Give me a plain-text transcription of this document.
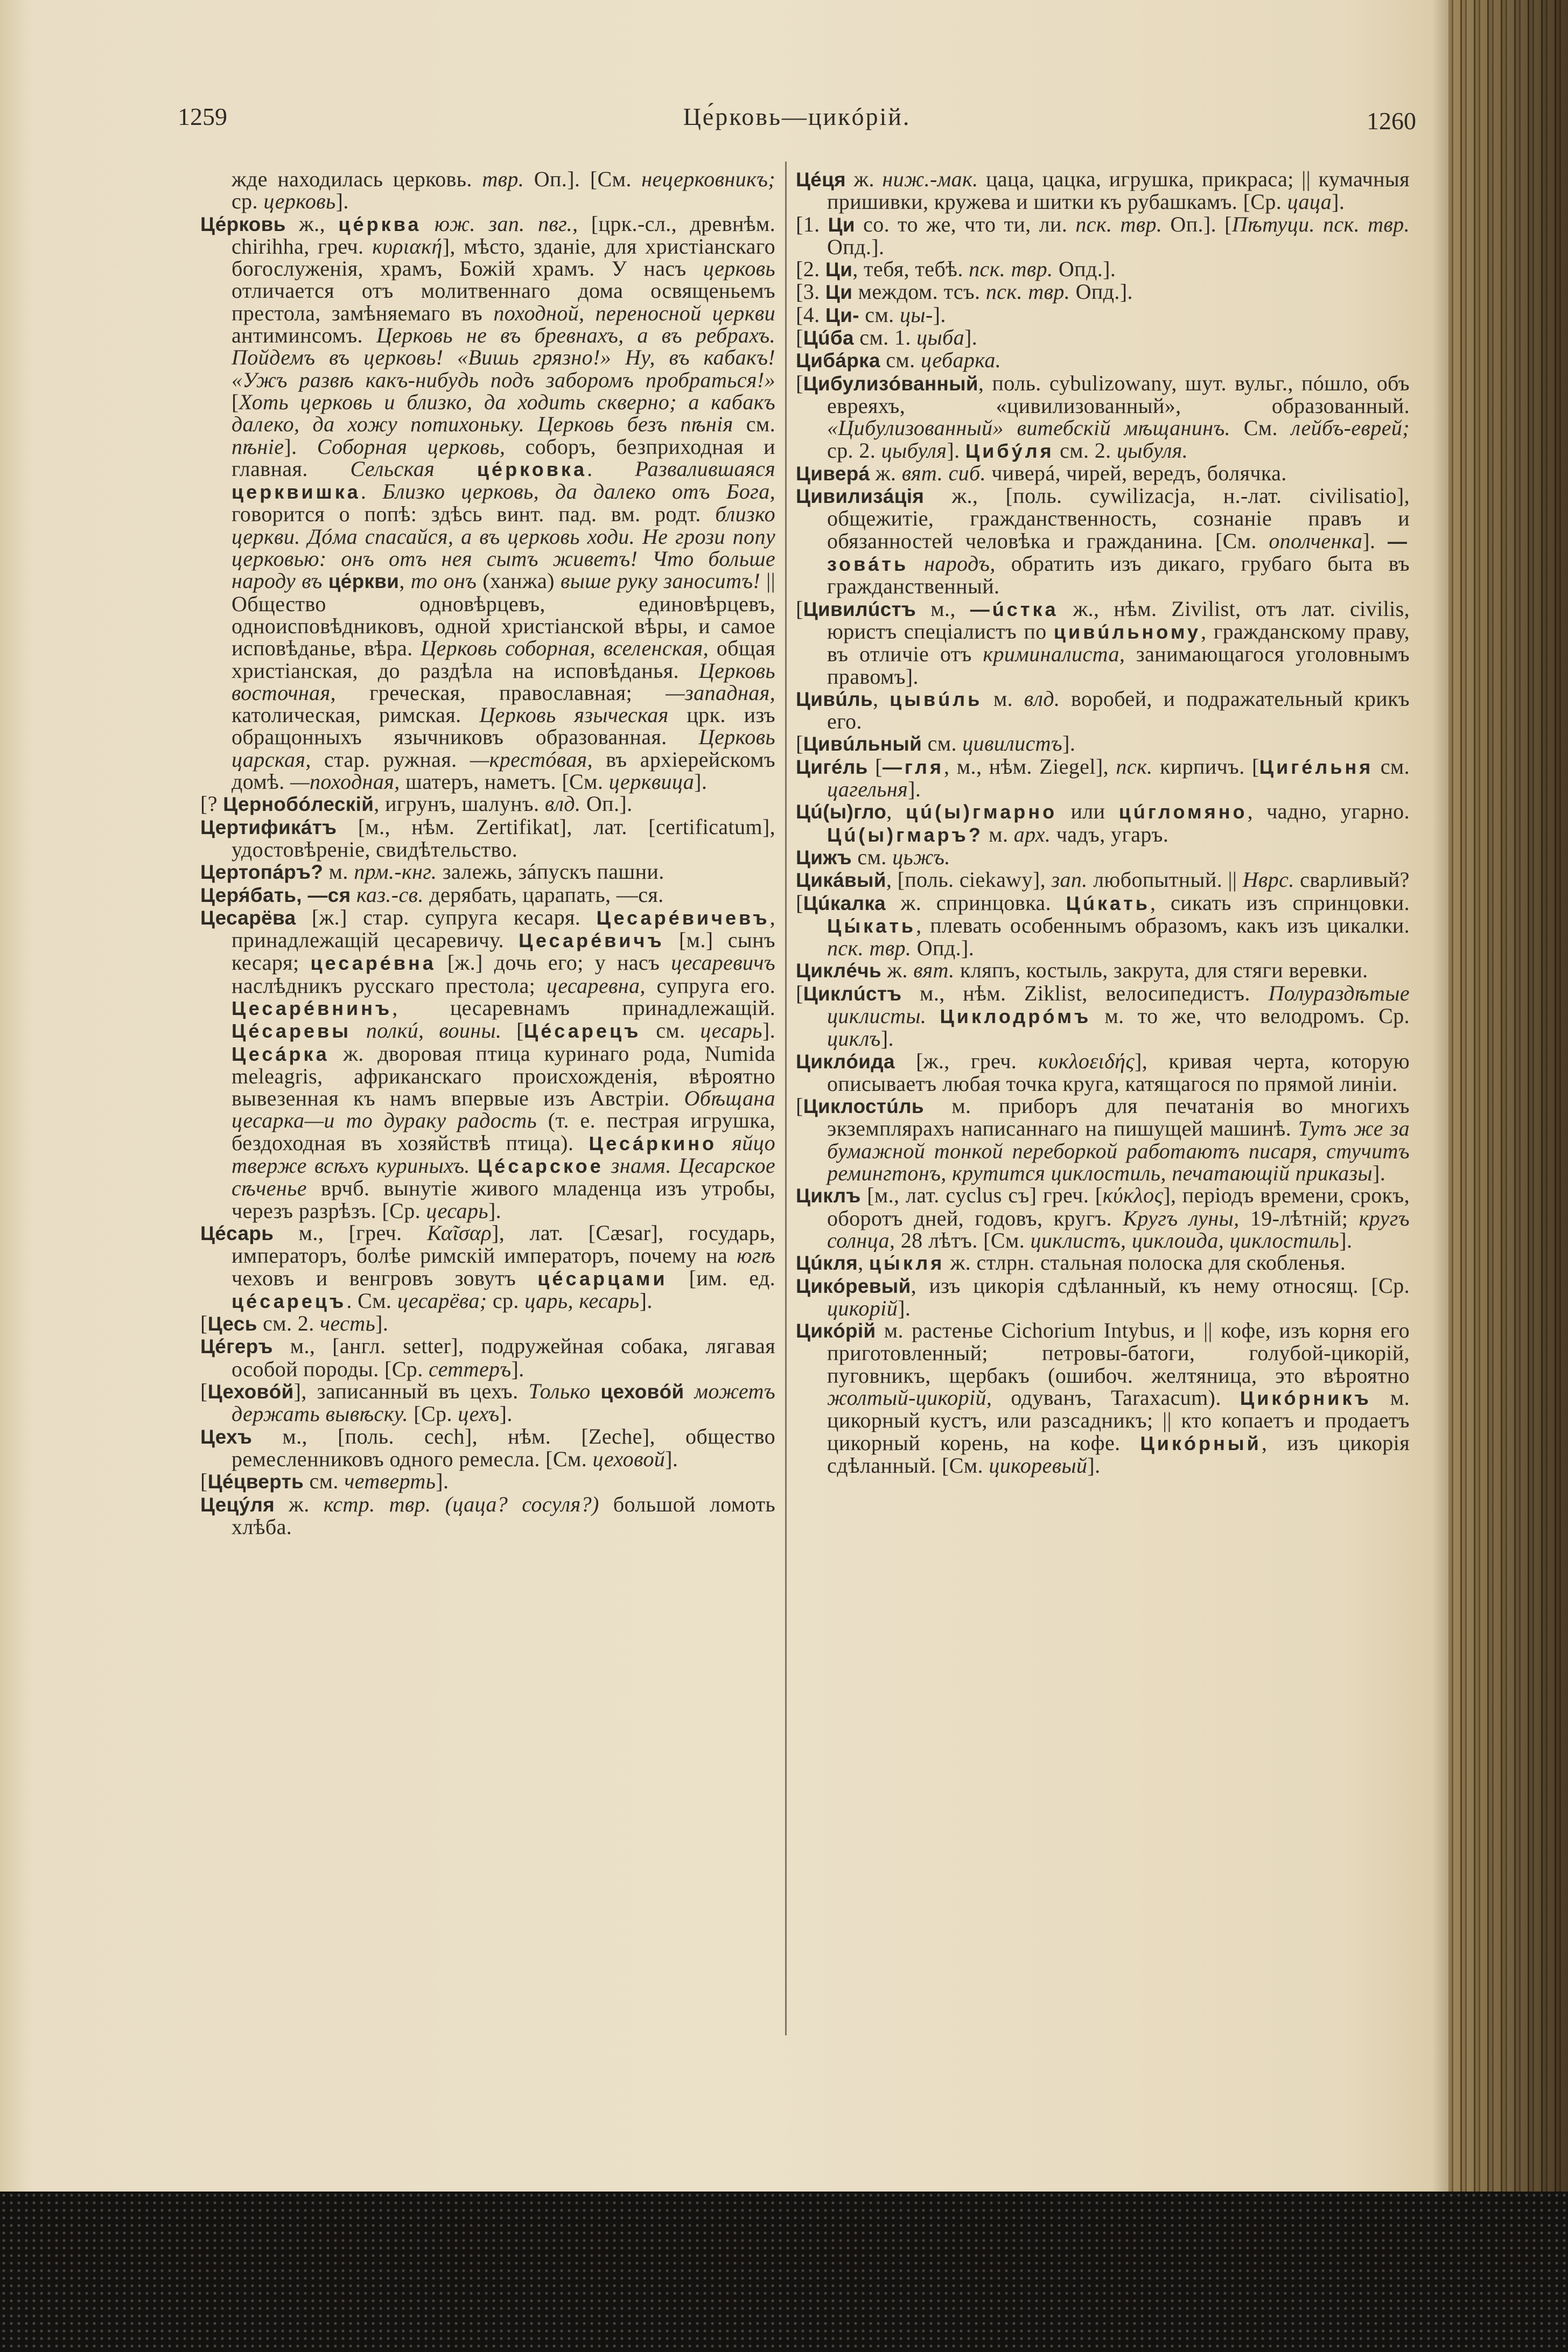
1259	Це́рковь—цикóрій.	1260

жде находилась церковь. твр. Оп.]. [См. нецерковникъ; ср. церковь].

Це́рковь ж., це́рква юж. зап. пвг., [црк.-сл., древнѣм. chirihha, греч. κυριακή], мѣсто, зданіе, для христіанскаго богослуженія, храмъ, Божій храмъ. У насъ церковь отличается отъ молитвеннаго дома освященьемъ престола, замѣняемаго въ походной, переносной церкви антиминсомъ. Церковь не въ бревнахъ, а въ ребрахъ. Пойдемъ въ церковь! «Вишь грязно!» Ну, въ кабакъ! «Ужъ развѣ какъ-нибудь подъ заборомъ пробраться!» [Хоть церковь и близко, да ходить скверно; а кабакъ далеко, да хожу потихоньку. Церковь безъ пѣнія см. пѣніе]. Соборная церковь, соборъ, безприходная и главная. Сельская це́рковка. Развалившаяся церквишка. Близко церковь, да далеко отъ Бога, говорится о попѣ: здѣсь винт. пад. вм. родт. близко церкви. Дóма спасайся, а въ церковь ходи. Не грози попу церковью: онъ отъ нея сытъ живетъ! Что больше народу въ це́ркви, то онъ (ханжа) выше руку заноситъ! || Общество одновѣрцевъ, единовѣрцевъ, одноисповѣдниковъ, одной христіанской вѣры, и самое исповѣданье, вѣра. Церковь соборная, вселенская, общая христіанская, до раздѣла на исповѣданья. Церковь восточная, греческая, православная; —западная, католическая, римская. Церковь языческая црк. изъ обращонныхъ язычниковъ образованная. Церковь царская, стар. ружная. —крестóвая, въ архіерейскомъ домѣ. —походная, шатеръ, наметъ. [См. церквица].

[? Цернобóлескій, игрунъ, шалунъ. влд. Оп.].

Цертификáтъ [м., нѣм. Zertifikat], лат. [certificatum], удостовѣреніе, свидѣтельство.

Цертопáръ? м. прм.-кнг. залежь, зáпускъ пашни.

Церя́бать, —ся каз.-св. дерябать, царапать, —ся.

Цесарёва [ж.] стар. супруга кесаря. Цесарéвичевъ, принадлежащій цесаревичу. Цесарéвичъ [м.] сынъ кесаря; цесарéвна [ж.] дочь его; у насъ цесаревичъ наслѣдникъ русскаго престола; цесаревна, супруга его. Цесарéвнинъ, цесаревнамъ принадлежащій. Цéсаревы полкú, воины. [Цéсарецъ см. цесарь]. Цесáрка ж. дворовая птица куринаго рода, Numida meleagris, африканскаго происхожденія, вѣроятно вывезенная къ намъ впервые изъ Австріи. Обѣщана цесарка—и то дураку радость (т. е. пестрая игрушка, бездоходная въ хозяйствѣ птица). Цесáркино яйцо тверже всѣхъ куриныхъ. Цéсарское знамя. Цесарское сѣченье врчб. вынутіе живого младенца изъ утробы, черезъ разрѣзъ. [Ср. цесарь].

Цéсарь м., [греч. Καῖσαρ], лат. [Cæsar], государь, императоръ, болѣе римскій императоръ, почему на югѣ чеховъ и венгровъ зовутъ цéсарцами [им. ед. цéсарецъ. См. цесарёва; ср. царь, кесарь].

[Цесь см. 2. честь].

Цéгеръ м., [англ. setter], подружейная собака, лягавая особой породы. [Ср. сеттеръ].

[Цеховóй], записанный въ цехъ. Только цеховóй можетъ держать вывѣску. [Ср. цехъ].

Цехъ м., [поль. cech], нѣм. [Zeche], общество ремесленниковъ одного ремесла. [См. цеховой].

[Цéцверть см. четверть].

Цецýля ж. кстр. твр. (цаца? сосуля?) большой ломоть хлѣба.

Цéця ж. ниж.-мак. цаца, цацка, игрушка, прикраса; || кумачныя пришивки, кружева и шитки къ рубашкамъ. [Ср. цаца].

[1. Ци со. то же, что ти, ли. пск. твр. Оп.]. [Пѣтуци. пск. твр. Опд.].

[2. Ци, тебя, тебѣ. пск. твр. Опд.].

[3. Ци междом. тсъ. пск. твр. Опд.].

[4. Ци- см. цы-].

[Цúба см. 1. цыба].

Цибáрка см. цебарка.

[Цибулизóванный, поль. cybulizowany, шут. вульг., пóшло, объ евреяхъ, «цивилизованный», образованный. «Цибулизованный» витебскій мѣщанинъ. См. лейбъ-еврей; ср. 2. цыбуля]. Цибýля см. 2. цыбуля.

Циверá ж. вят. сиб. чиверá, чирей, вередъ, болячка.

Цивилизáція ж., [поль. cywilizacja, н.-лат. civilisatio], общежитіе, гражданственность, сознаніе правъ и обязанностей человѣка и гражданина. [См. ополченка]. —зовáть народъ, обратить изъ дикаго, грубаго быта въ гражданственный.

[Цивилúстъ м., —úстка ж., нѣм. Zivilist, отъ лат. civilis, юристъ спеціалистъ по цивúльному, гражданскому праву, въ отличіе отъ криминалиста, занимающагося уголовнымъ правомъ].

Цивúль, цывúль м. влд. воробей, и подражательный крикъ его.

[Цивúльный см. цивилистъ].

Цигéль [—гля, м., нѣм. Ziegel], пск. кирпичъ. [Цигéльня см. цагельня].

Цú(ы)гло, цú(ы)гмарно или цúгломяно, чадно, угарно. Цú(ы)гмаръ? м. арх. чадъ, угаръ.

Цижъ см. цьжъ.

Цикáвый, [поль. ciekawy], зап. любопытный. || Нврс. сварливый?

[Цúкалка ж. спринцовка. Цúкать, сикать изъ спринцовки. Цы́кать, плевать особеннымъ образомъ, какъ изъ цикалки. пск. твр. Опд.].

Циклéчь ж. вят. кляпъ, костыль, закрута, для стяги веревки.

[Циклúстъ м., нѣм. Ziklist, велосипедистъ. Полураздѣтые циклисты. Циклодрóмъ м. то же, что велодромъ. Ср. циклъ].

Циклóида [ж., греч. κυκλοειδής], кривая черта, которую описываетъ любая точка круга, катящагося по прямой линіи.

[Циклостúль м. приборъ для печатанія во многихъ экземплярахъ написаннаго на пишущей машинѣ. Тутъ же за бумажной тонкой переборкой работаютъ писаря, стучитъ ремингтонъ, крутится циклостиль, печатающій приказы].

Циклъ [м., лат. cyclus съ] греч. [κύκλος], періодъ времени, срокъ, оборотъ дней, годовъ, кругъ. Кругъ луны, 19-лѣтній; кругъ солнца, 28 лѣтъ. [См. циклистъ, циклоида, циклостиль].

Цúкля, цы́кля ж. стлрн. стальная полоска для скобленья.

Цикóревый, изъ цикорія сдѣланный, къ нему относящ. [Ср. цикорій].

Цикóрій м. растенье Cichorium Intybus, и || кофе, изъ корня его приготовленный; петровы-батоги, голубой-цикорій, пуговникъ, щербакъ (ошибоч. желтяница, это вѣроятно жолтый-цикорій, одуванъ, Taraxacum). Цикóрникъ м. цикорный кустъ, или разсадникъ; || кто копаетъ и продаетъ цикорный корень, на кофе. Цикóрный, изъ цикорія сдѣланный. [См. цикоревый].
